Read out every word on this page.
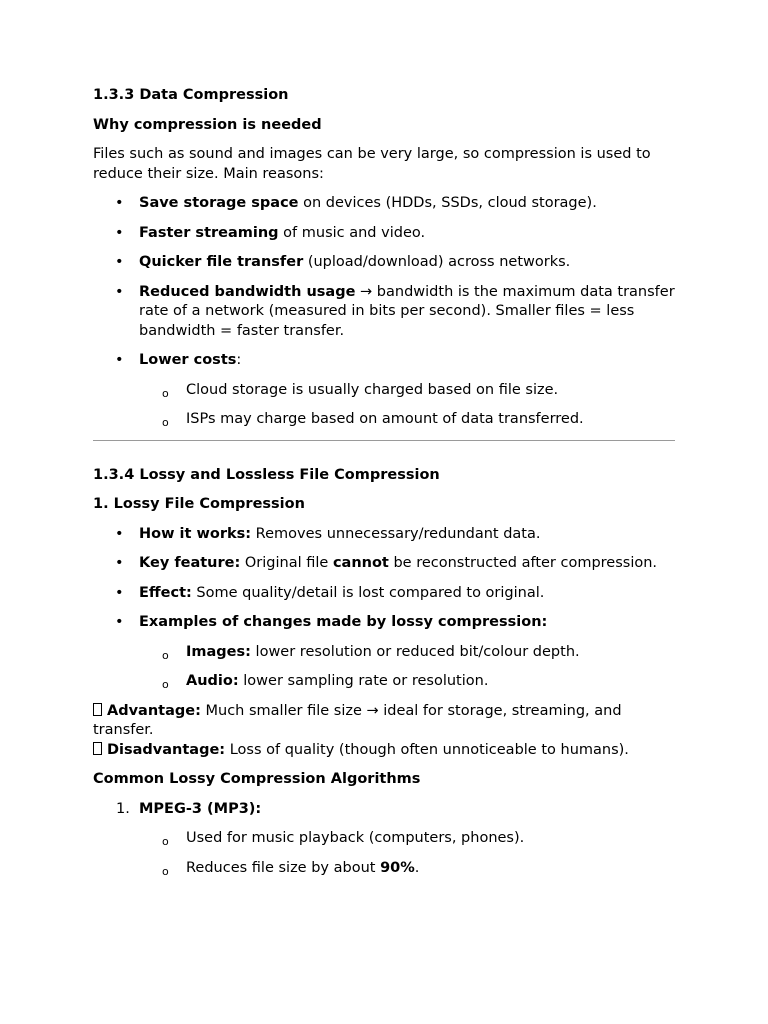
1.3.3 Data Compression

Why compression is needed

Files such as sound and images can be very large, so compression is used to reduce their size. Main reasons:

• Save storage space on devices (HDDs, SSDs, cloud storage).
• Faster streaming of music and video.
• Quicker file transfer (upload/download) across networks.
• Reduced bandwidth usage → bandwidth is the maximum data transfer rate of a network (measured in bits per second). Smaller files = less bandwidth = faster transfer.
• Lower costs:
o Cloud storage is usually charged based on file size.
o ISPs may charge based on amount of data transferred.

1.3.4 Lossy and Lossless File Compression

1. Lossy File Compression

• How it works: Removes unnecessary/redundant data.
• Key feature: Original file cannot be reconstructed after compression.
• Effect: Some quality/detail is lost compared to original.
• Examples of changes made by lossy compression:
o Images: lower resolution or reduced bit/colour depth.
o Audio: lower sampling rate or resolution.

Advantage: Much smaller file size → ideal for storage, streaming, and transfer.

Disadvantage: Loss of quality (though often unnoticeable to humans).

Common Lossy Compression Algorithms

1. MPEG-3 (MP3):
o Used for music playback (computers, phones).
o Reduces file size by about 90%.
